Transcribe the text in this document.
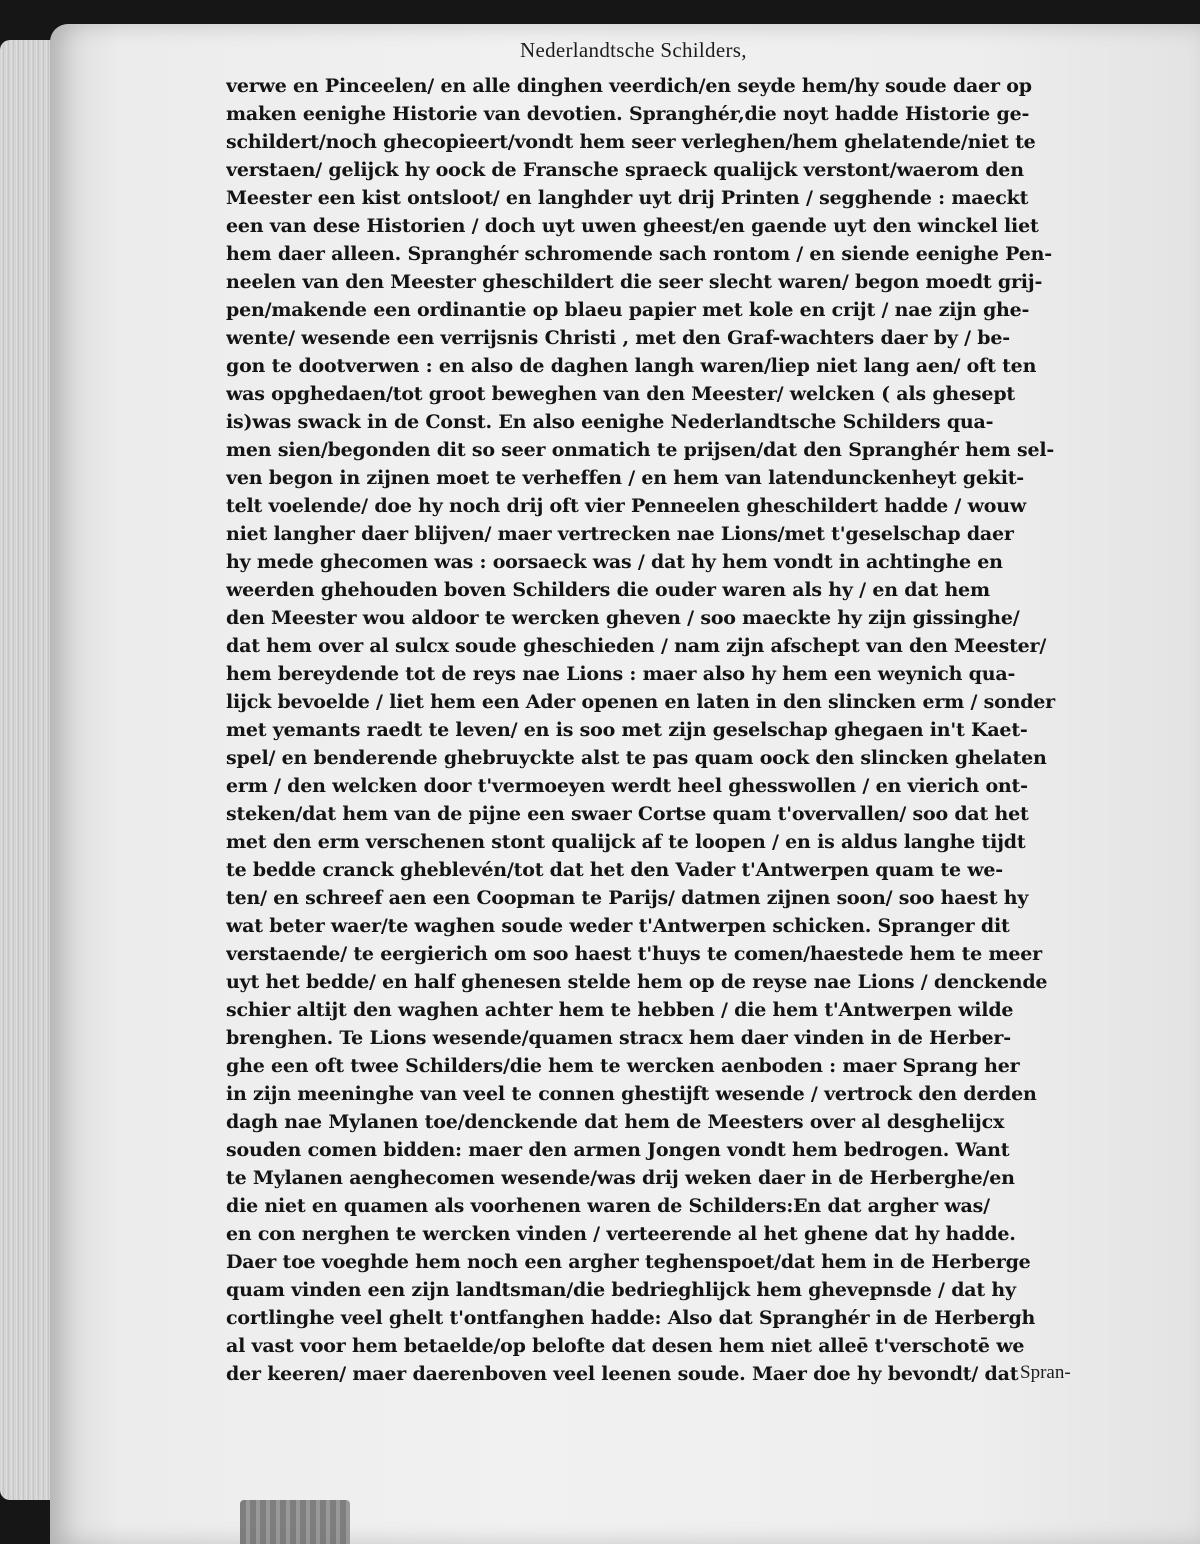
Nederlandtsche Schilders,
verwe en Pinceelen/ en alle dinghen veerdich/en seyde hem/hy soude daer op
maken eenighe Historie van devotien. Spranghér,die noyt hadde Historie ge-
schildert/noch ghecopieert/vondt hem seer verleghen/hem ghelatende/niet te
verstaen/ gelijck hy oock de Fransche spraeck qualijck verstont/waerom den
Meester een kist ontsloot/ en langhder uyt drij Printen / segghende : maeckt
een van dese Historien / doch uyt uwen gheest/en gaende uyt den winckel liet
hem daer alleen. Spranghér schromende sach rontom / en siende eenighe Pen-
neelen van den Meester gheschildert die seer slecht waren/ begon moedt grij-
pen/makende een ordinantie op blaeu papier met kole en crijt / nae zijn ghe-
wente/ wesende een verrijsnis Christi , met den Graf-wachters daer by / be-
gon te dootverwen : en also de daghen langh waren/liep niet lang aen/ oft ten
was opghedaen/tot groot beweghen van den Meester/ welcken ( als ghesept
is)was swack in de Const. En also eenighe Nederlandtsche Schilders qua-
men sien/begonden dit so seer onmatich te prijsen/dat den Spranghér hem sel-
ven begon in zijnen moet te verheffen / en hem van latendunckenheyt gekit-
telt voelende/ doe hy noch drij oft vier Penneelen gheschildert hadde / wouw
niet langher daer blijven/ maer vertrecken nae Lions/met t'geselschap daer
hy mede ghecomen was : oorsaeck was / dat hy hem vondt in achtinghe en
weerden ghehouden boven Schilders die ouder waren als hy / en dat hem
den Meester wou aldoor te wercken gheven / soo maeckte hy zijn gissinghe/
dat hem over al sulcx soude gheschieden / nam zijn afschept van den Meester/
hem bereydende tot de reys nae Lions : maer also hy hem een weynich qua-
lijck bevoelde / liet hem een Ader openen en laten in den slincken erm / sonder
met yemants raedt te leven/ en is soo met zijn geselschap ghegaen in't Kaet-
spel/ en benderende ghebruyckte alst te pas quam oock den slincken ghelaten
erm / den welcken door t'vermoeyen werdt heel ghesswollen / en vierich ont-
steken/dat hem van de pijne een swaer Cortse quam t'overvallen/ soo dat het
met den erm verschenen stont qualijck af te loopen / en is aldus langhe tijdt
te bedde cranck gheblevén/tot dat het den Vader t'Antwerpen quam te we-
ten/ en schreef aen een Coopman te Parijs/ datmen zijnen soon/ soo haest hy
wat beter waer/te waghen soude weder t'Antwerpen schicken. Spranger dit
verstaende/ te eergierich om soo haest t'huys te comen/haestede hem te meer
uyt het bedde/ en half ghenesen stelde hem op de reyse nae Lions / denckende
schier altijt den waghen achter hem te hebben / die hem t'Antwerpen wilde
brenghen. Te Lions wesende/quamen stracx hem daer vinden in de Herber-
ghe een oft twee Schilders/die hem te wercken aenboden : maer Sprang her
in zijn meeninghe van veel te connen ghestijft wesende / vertrock den derden
dagh nae Mylanen toe/denckende dat hem de Meesters over al desghelijcx
souden comen bidden: maer den armen Jongen vondt hem bedrogen. Want
te Mylanen aenghecomen wesende/was drij weken daer in de Herberghe/en
die niet en quamen als voorhenen waren de Schilders:En dat argher was/
en con nerghen te wercken vinden / verteerende al het ghene dat hy hadde.
Daer toe voeghde hem noch een argher teghenspoet/dat hem in de Herberge
quam vinden een zijn landtsman/die bedrieghlijck hem ghevepnsde / dat hy
cortlinghe veel ghelt t'ontfanghen hadde: Also dat Spranghér in de Herbergh
al vast voor hem betaelde/op belofte dat desen hem niet alleē t'verschotē we
der keeren/ maer daerenboven veel leenen soude. Maer doe hy bevondt/ dat Spran-
